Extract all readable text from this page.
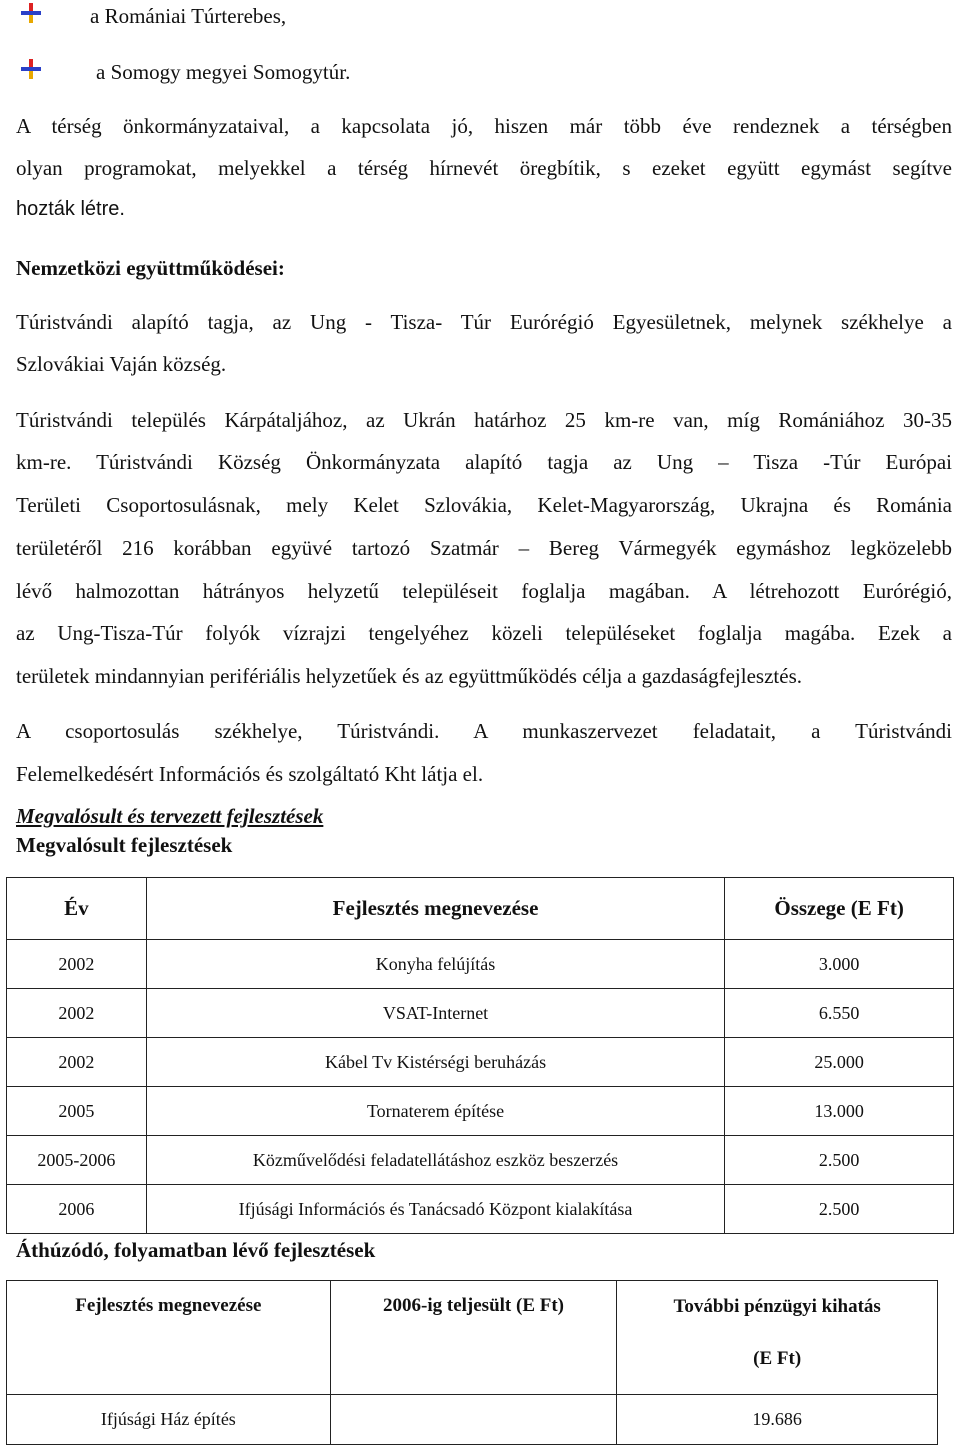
a Romániai Túrterebes,
a Somogy megyei Somogytúr.
A térség önkormányzataival, a kapcsolata jó, hiszen már több éve rendeznek a térségben
olyan programokat, melyekkel a térség hírnevét öregbítik, s ezeket együtt egymást segítve
hozták létre.
Nemzetközi együttműködései:
Túristvándi alapító tagja, az Ung - Tisza- Túr Eurórégió Egyesületnek, melynek székhelye a
Szlovákiai Vaján község.
Túristvándi település Kárpátaljához, az Ukrán határhoz 25 km-re van, míg Romániához 30-35
km-re. Túristvándi Község Önkormányzata alapító tagja az Ung – Tisza -Túr Európai
Területi Csoportosulásnak, mely Kelet Szlovákia, Kelet-Magyarország, Ukrajna és Románia
területéről 216 korábban együvé tartozó Szatmár – Bereg Vármegyék egymáshoz legközelebb
lévő halmozottan hátrányos helyzetű településeit foglalja magában. A létrehozott Eurórégió,
az Ung-Tisza-Túr folyók vízrajzi tengelyéhez közeli településeket foglalja magába. Ezek a
területek mindannyian perifériális helyzetűek és az együttműködés célja a gazdaságfejlesztés.
A csoportosulás székhelye, Túristvándi. A munkaszervezet feladatait, a Túristvándi
Felemelkedésért Információs és szolgáltató Kht látja el.
Megvalósult és tervezett fejlesztések
Megvalósult fejlesztések
Év	Fejlesztés megnevezése	Összege (E Ft)
2002	Konyha felújítás	3.000
2002	VSAT-Internet	6.550
2002	Kábel Tv Kistérségi beruházás	25.000
2005	Tornaterem építése	13.000
2005-2006	Közművelődési feladatellátáshoz eszköz beszerzés	2.500
2006	Ifjúsági Információs és Tanácsadó Központ kialakítása	2.500
Áthúzódó, folyamatban lévő fejlesztések
Fejlesztés megnevezése	2006-ig teljesült (E Ft)	További pénzügyi kihatás
(E Ft)

Ifjúsági Ház építés		19.686
